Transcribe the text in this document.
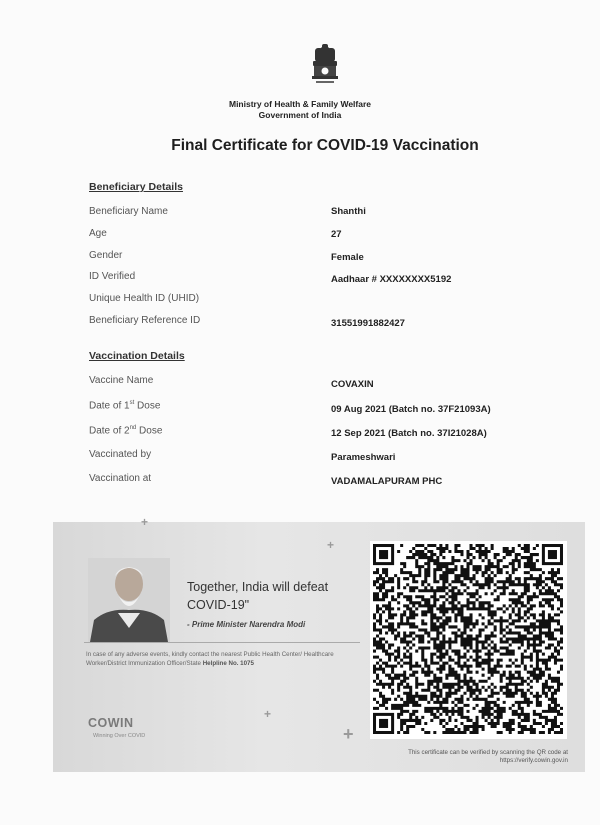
Ministry of Health & Family Welfare
Government of India
Final Certificate for COVID-19 Vaccination
Beneficiary Details
Beneficiary Name	Shanthi
Age	27
Gender	Female
ID Verified	Aadhaar # XXXXXXXX5192
Unique Health ID (UHID)
Beneficiary Reference ID	31551991882427
Vaccination Details
Vaccine Name	COVAXIN
Date of 1st Dose	09 Aug 2021 (Batch no. 37F21093A)
Date of 2nd Dose	12 Sep 2021 (Batch no. 37I21028A)
Vaccinated by	Parameshwari
Vaccination at	VADAMALAPURAM PHC
+
+
+
+
Together, India will defeat
COVID-19"
- Prime Minister Narendra Modi
In case of any adverse events, kindly contact the nearest Public Health Center/ Healthcare Worker/District Immunization Officer/State Helpline No. 1075
COWIN
Winning Over COVID
This certificate can be verified by scanning the QR code at
https://verify.cowin.gov.in
